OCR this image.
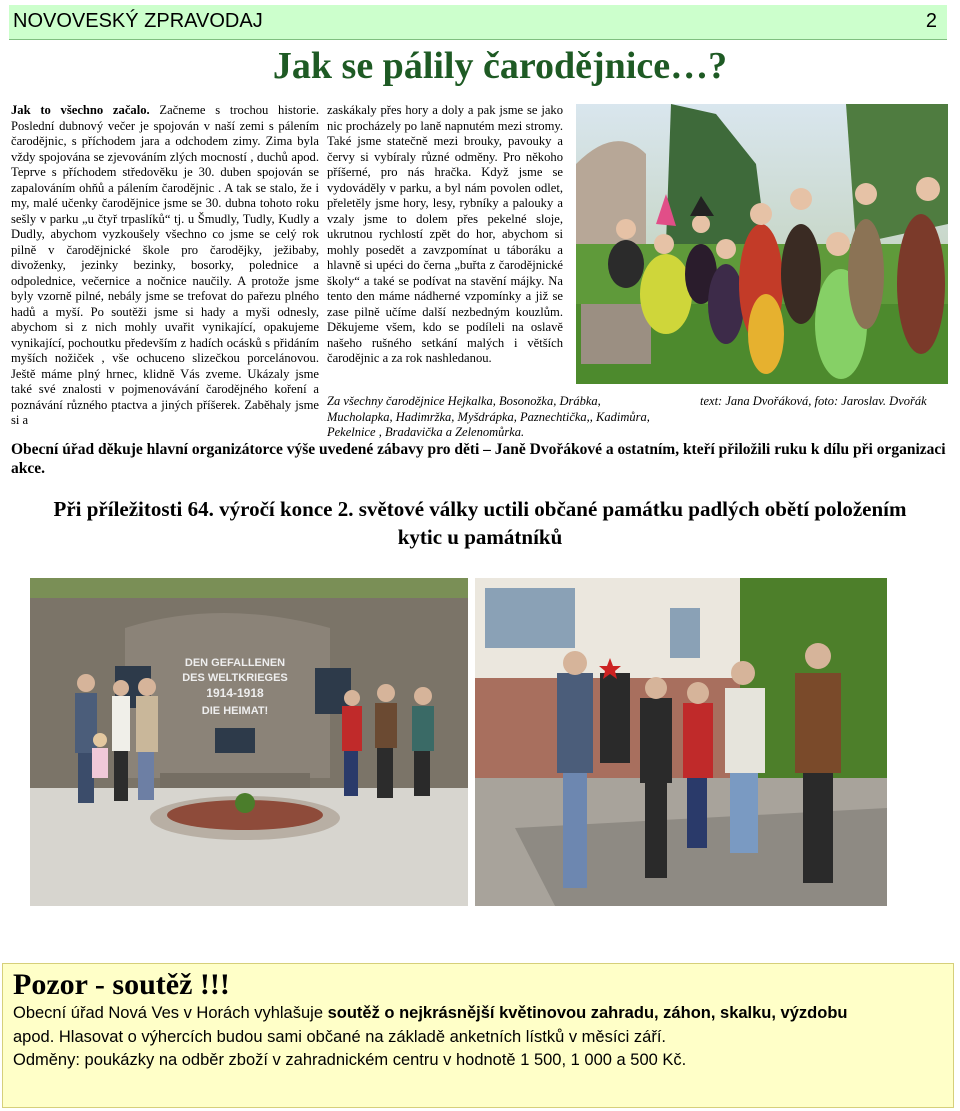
NOVOVESKÝ ZPRAVODAJ	2
Jak se pálily čarodějnice…?
Jak to všechno začalo. Začneme s trochou historie. Poslední dubnový večer je spojován v naší zemi s pálením čarodějnic, s příchodem jara a odchodem zimy. Zima byla vždy spojována se zjevováním zlých mocností , duchů apod. Teprve s příchodem středověku je 30. duben spojován se zapalováním ohňů a pálením čarodějnic . A tak se stalo, že i my, malé učenky čarodějnice jsme se 30. dubna tohoto roku sešly v parku „u čtyř trpaslíků“ tj. u Šmudly, Tudly, Kudly a Dudly, abychom vyzkoušely všechno co jsme se celý rok pilně v čarodějnické škole pro čarodějky, ježibaby, divoženky, jezinky bezinky, bosorky, polednice a odpolednice, večernice a nočnice naučily. A protože jsme byly vzorně pilné, nebály jsme se trefovat do pařezu plného hadů a myší. Po soutěži jsme si hady a myši odnesly, abychom si z nich mohly uvařit vynikající, opakujeme vynikající, pochoutku především z hadích ocásků s přidáním myších nožiček , vše ochuceno slizečkou porcelánovou. Ještě máme plný hrnec, klidně Vás zveme. Ukázaly jsme také své znalosti v pojmenovávání čarodějného koření a poznávání různého ptactva a jiných příšerek. Zaběhaly jsme si a
zaskákaly přes hory a doly a pak jsme se jako nic procházely po laně napnutém mezi stromy. Také jsme statečně mezi brouky, pavouky a červy si vybíraly různé odměny. Pro někoho příšerné, pro nás hračka. Když jsme se vydováděly v parku, a byl nám povolen odlet, přeletěly jsme hory, lesy, rybníky a palouky a vzaly jsme to dolem přes pekelné sloje, ukrutnou rychlostí zpět do hor, abychom si mohly posedět a zavzpomínat u táboráku a hlavně si upéci do černa „buřta z čarodějnické školy“ a také se podívat na stavění májky. Na tento den máme nádherné vzpomínky a již se zase pilně učíme další nezbedným kouzlům. Děkujeme všem, kdo se podíleli na oslavě našeho rušného setkání malých i větších čarodějnic a za rok nashledanou.
Za všechny čarodějnice Hejkalka, Bosonožka, Drábka, Mucholapka, Hadimržka, Myšdrápka, Paznechtička,, Kadimůra, Pekelnice , Bradavička a Zelenomůrka.
text: Jana Dvořáková, foto: Jaroslav. Dvořák
Obecní úřad děkuje hlavní organizátorce výše uvedené zábavy pro děti – Janě Dvořákové a ostatním, kteří přiložili ruku k dílu při organizaci akce.
Při příležitosti 64. výročí konce 2. světové války uctili občané památku padlých obětí položením kytic u památníků
DEN GEFALLENEN
DES WELTKRIEGES
1914-1918
DIE HEIMAT!
Pozor - soutěž !!!
Obecní úřad Nová Ves v Horách vyhlašuje soutěž o nejkrásnější květinovou zahradu, záhon, skalku, výzdobu
apod. Hlasovat o výhercích budou sami občané na základě anketních lístků v měsíci září.
Odměny: poukázky na odběr zboží v zahradnickém centru v hodnotě 1 500, 1 000 a 500 Kč.
